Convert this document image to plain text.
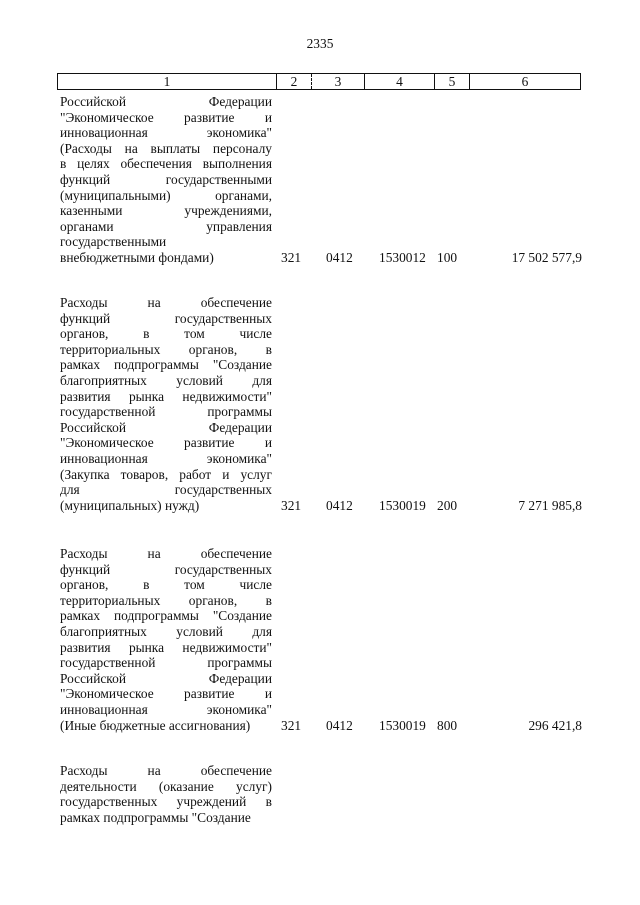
2335
1	2	3	4	5	6
Российской Федерации
"Экономическое развитие и
инновационная экономика"
(Расходы на выплаты персоналу
в целях обеспечения выполнения
функций государственными
(муниципальными) органами,
казенными учреждениями,
органами управления
государственными
внебюджетными фондами)	321 0412 1530012 100	17 502 577,9
Расходы на обеспечение
функций государственных
органов, в том числе
территориальных органов, в
рамках подпрограммы "Создание
благоприятных условий для
развития рынка недвижимости"
государственной программы
Российской Федерации
"Экономическое развитие и
инновационная экономика"
(Закупка товаров, работ и услуг
для государственных
(муниципальных) нужд)	321 0412 1530019 200	7 271 985,8
Расходы на обеспечение
функций государственных
органов, в том числе
территориальных органов, в
рамках подпрограммы "Создание
благоприятных условий для
развития рынка недвижимости"
государственной программы
Российской Федерации
"Экономическое развитие и
инновационная экономика"
(Иные бюджетные ассигнования)	321 0412 1530019 800	296 421,8
Расходы на обеспечение
деятельности (оказание услуг)
государственных учреждений в
рамках подпрограммы "Создание
